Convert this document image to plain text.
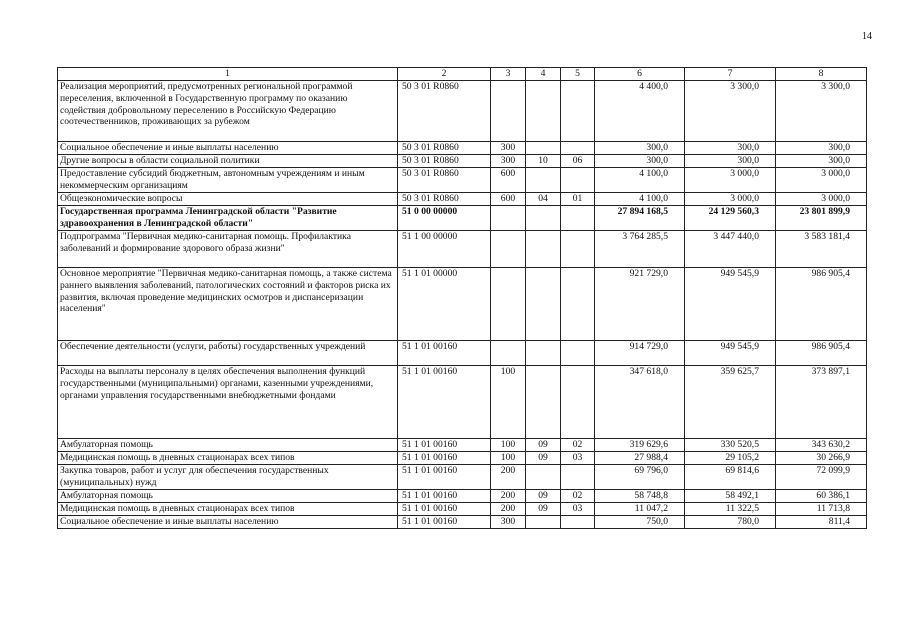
14
1	2	3	4	5	6	7	8
Реализация мероприятий, предусмотренных региональной программой переселения, включенной в Государственную программу по оказанию содействия добровольному переселению в Российскую Федерацию соотечественников, проживающих за рубежом	50 3 01 R0860				4 400,0	3 300,0	3 300,0
Социальное обеспечение и иные выплаты населению	50 3 01 R0860	300			300,0	300,0	300,0
Другие вопросы в области социальной политики	50 3 01 R0860	300	10	06	300,0	300,0	300,0
Предоставление субсидий бюджетным, автономным учреждениям и иным некоммерческим организациям	50 3 01 R0860	600			4 100,0	3 000,0	3 000,0
Общеэкономические вопросы	50 3 01 R0860	600	04	01	4 100,0	3 000,0	3 000,0
Государственная программа Ленинградской области "Развитие здравоохранения в Ленинградской области"	51 0 00 00000				27 894 168,5	24 129 560,3	23 801 899,9
Подпрограмма "Первичная медико-санитарная помощь. Профилактика заболеваний и формирование здорового образа жизни"	51 1 00 00000				3 764 285,5	3 447 440,0	3 583 181,4
Основное мероприятие "Первичная медико-санитарная помощь, а также система раннего выявления заболеваний, патологических состояний и факторов риска их развития, включая проведение медицинских осмотров и диспансеризации населения"	51 1 01 00000				921 729,0	949 545,9	986 905,4
Обеспечение деятельности (услуги, работы) государственных учреждений	51 1 01 00160				914 729,0	949 545,9	986 905,4
Расходы на выплаты персоналу в целях обеспечения выполнения функций государственными (муниципальными) органами, казенными учреждениями, органами управления государственными внебюджетными фондами	51 1 01 00160	100			347 618,0	359 625,7	373 897,1
Амбулаторная помощь	51 1 01 00160	100	09	02	319 629,6	330 520,5	343 630,2
Медицинская помощь в дневных стационарах всех типов	51 1 01 00160	100	09	03	27 988,4	29 105,2	30 266,9
Закупка товаров, работ и услуг для обеспечения государственных (муниципальных) нужд	51 1 01 00160	200			69 796,0	69 814,6	72 099,9
Амбулаторная помощь	51 1 01 00160	200	09	02	58 748,8	58 492,1	60 386,1
Медицинская помощь в дневных стационарах всех типов	51 1 01 00160	200	09	03	11 047,2	11 322,5	11 713,8
Социальное обеспечение и иные выплаты населению	51 1 01 00160	300			750,0	780,0	811,4
